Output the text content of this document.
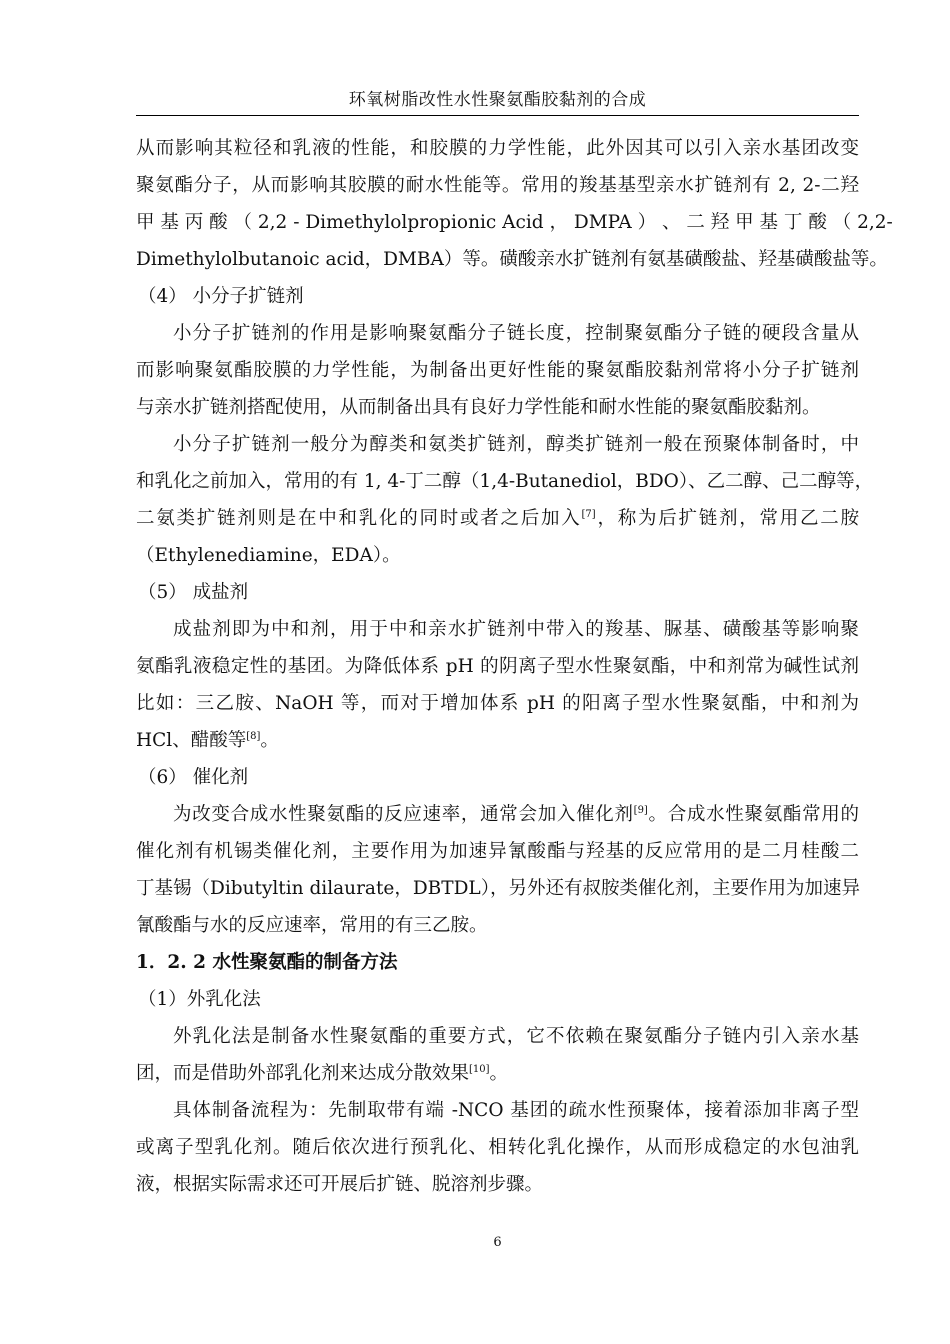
环氧树脂改性水性聚氨酯胶黏剂的合成
从而影响其粒径和乳液的性能，和胶膜的力学性能，此外因其可以引入亲水基团改变
聚氨酯分子，从而影响其胶膜的耐水性能等。常用的羧基基型亲水扩链剂有 2, 2-二羟
甲 基 丙 酸 （ 2,2 - Dimethylolpropionic Acid ， DMPA ） 、 二 羟 甲 基 丁 酸 （ 2,2-
Dimethylolbutanoic acid，DMBA）等。磺酸亲水扩链剂有氨基磺酸盐、羟基磺酸盐等。
（4） 小分子扩链剂
小分子扩链剂的作用是影响聚氨酯分子链长度，控制聚氨酯分子链的硬段含量从
而影响聚氨酯胶膜的力学性能，为制备出更好性能的聚氨酯胶黏剂常将小分子扩链剂
与亲水扩链剂搭配使用，从而制备出具有良好力学性能和耐水性能的聚氨酯胶黏剂。
小分子扩链剂一般分为醇类和氨类扩链剂，醇类扩链剂一般在预聚体制备时，中
和乳化之前加入，常用的有 1, 4-丁二醇（1,4-Butanediol，BDO）、乙二醇、己二醇等，
二氨类扩链剂则是在中和乳化的同时或者之后加入[7]，称为后扩链剂，常用乙二胺
（Ethylenediamine，EDA）。
（5） 成盐剂
成盐剂即为中和剂，用于中和亲水扩链剂中带入的羧基、脲基、磺酸基等影响聚
氨酯乳液稳定性的基团。为降低体系 pH 的阴离子型水性聚氨酯，中和剂常为碱性试剂
比如：三乙胺、NaOH 等，而对于增加体系 pH 的阳离子型水性聚氨酯，中和剂为
HCl、醋酸等[8]。
（6） 催化剂
为改变合成水性聚氨酯的反应速率，通常会加入催化剂[9]。合成水性聚氨酯常用的
催化剂有机锡类催化剂，主要作用为加速异氰酸酯与羟基的反应常用的是二月桂酸二
丁基锡（Dibutyltin dilaurate，DBTDL），另外还有叔胺类催化剂，主要作用为加速异
氰酸酯与水的反应速率，常用的有三乙胺。
1．2. 2 水性聚氨酯的制备方法
（1）外乳化法
外乳化法是制备水性聚氨酯的重要方式，它不依赖在聚氨酯分子链内引入亲水基
团，而是借助外部乳化剂来达成分散效果[10]。
具体制备流程为：先制取带有端 -NCO 基团的疏水性预聚体，接着添加非离子型
或离子型乳化剂。随后依次进行预乳化、相转化乳化操作，从而形成稳定的水包油乳
液，根据实际需求还可开展后扩链、脱溶剂步骤。
6
